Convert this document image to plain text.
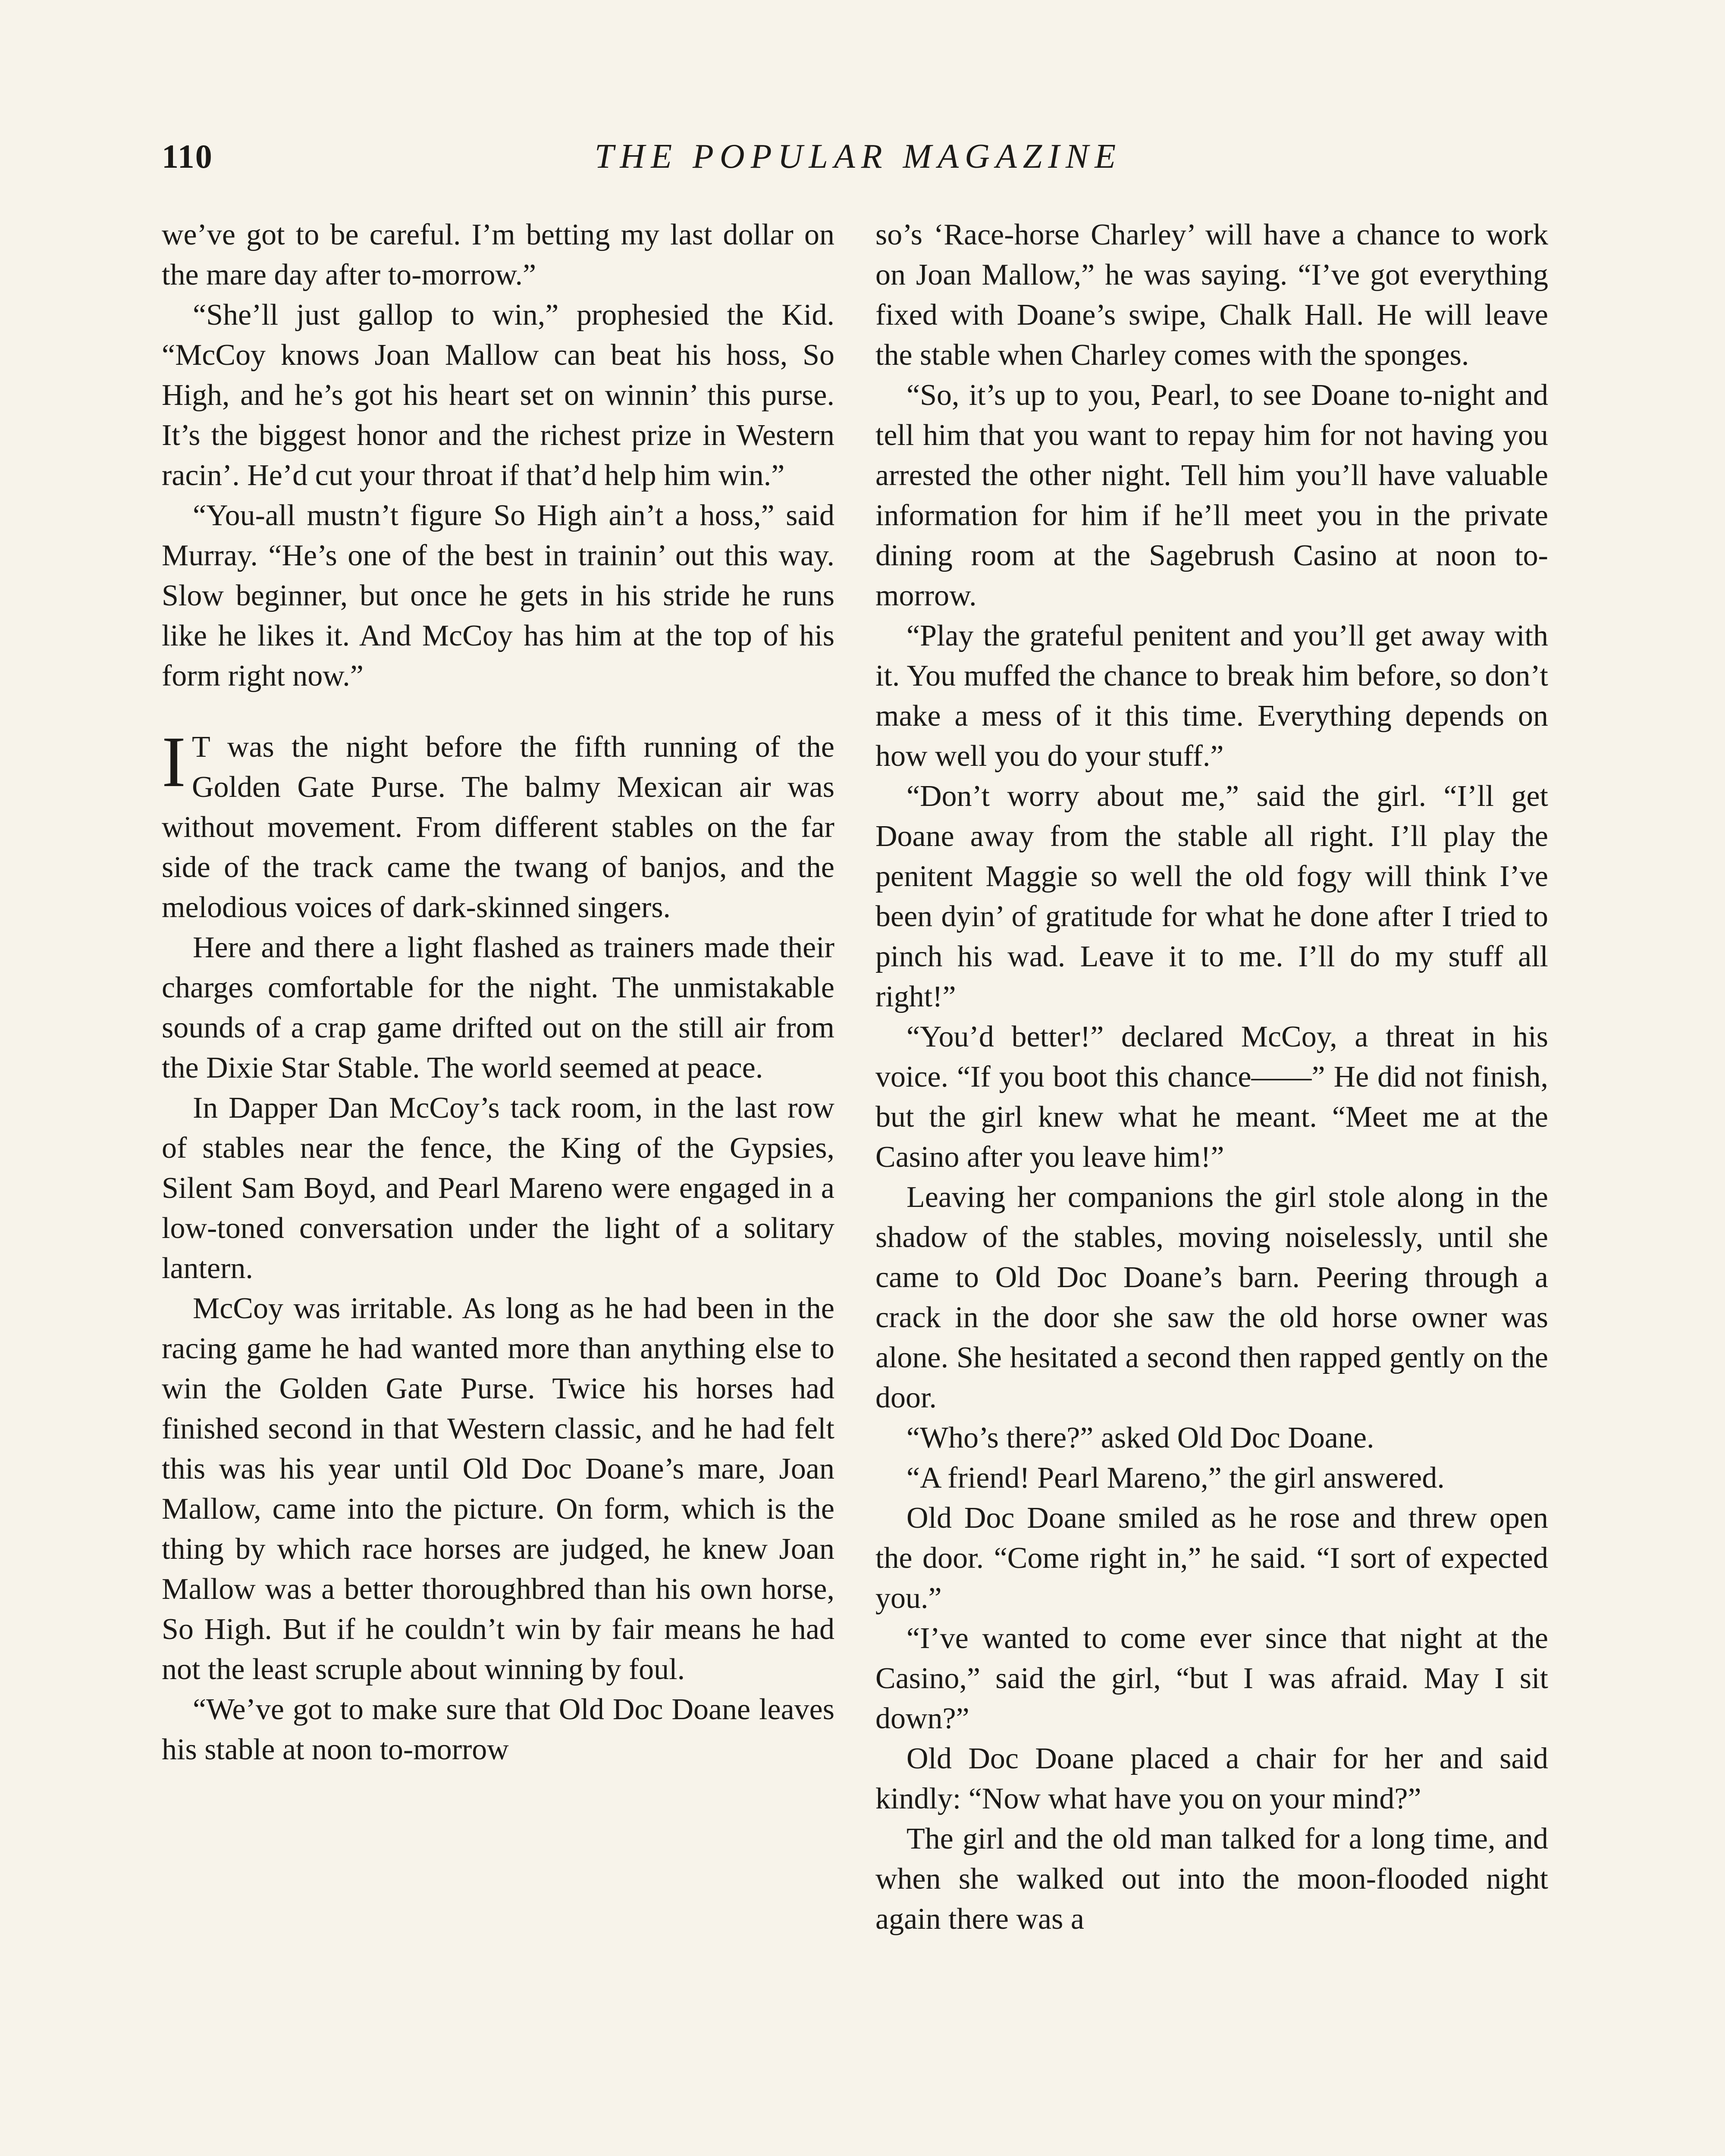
110	THE POPULAR MAGAZINE

we’ve got to be careful. I’m betting my last dollar on the mare day after to-morrow.”

“She’ll just gallop to win,” prophesied the Kid. “McCoy knows Joan Mallow can beat his hoss, So High, and he’s got his heart set on winnin’ this purse. It’s the biggest honor and the richest prize in Western racin’. He’d cut your throat if that’d help him win.”

“You-all mustn’t figure So High ain’t a hoss,” said Murray. “He’s one of the best in trainin’ out this way. Slow beginner, but once he gets in his stride he runs like he likes it. And McCoy has him at the top of his form right now.”

I T was the night before the fifth running of the Golden Gate Purse. The balmy Mexican air was without movement. From different stables on the far side of the track came the twang of banjos, and the melodious voices of dark-skinned singers.

Here and there a light flashed as trainers made their charges comfortable for the night. The unmistakable sounds of a crap game drifted out on the still air from the Dixie Star Stable. The world seemed at peace.

In Dapper Dan McCoy’s tack room, in the last row of stables near the fence, the King of the Gypsies, Silent Sam Boyd, and Pearl Mareno were engaged in a low-toned conversation under the light of a solitary lantern.

McCoy was irritable. As long as he had been in the racing game he had wanted more than anything else to win the Golden Gate Purse. Twice his horses had finished second in that Western classic, and he had felt this was his year until Old Doc Doane’s mare, Joan Mallow, came into the picture. On form, which is the thing by which race horses are judged, he knew Joan Mallow was a better thoroughbred than his own horse, So High. But if he couldn’t win by fair means he had not the least scruple about winning by foul.

“We’ve got to make sure that Old Doc Doane leaves his stable at noon to-morrow

so’s ‘Race-horse Charley’ will have a chance to work on Joan Mallow,” he was saying. “I’ve got everything fixed with Doane’s swipe, Chalk Hall. He will leave the stable when Charley comes with the sponges.

“So, it’s up to you, Pearl, to see Doane to-night and tell him that you want to repay him for not having you arrested the other night. Tell him you’ll have valuable information for him if he’ll meet you in the private dining room at the Sagebrush Casino at noon to-morrow.

“Play the grateful penitent and you’ll get away with it. You muffed the chance to break him before, so don’t make a mess of it this time. Everything depends on how well you do your stuff.”

“Don’t worry about me,” said the girl. “I’ll get Doane away from the stable all right. I’ll play the penitent Maggie so well the old fogy will think I’ve been dyin’ of gratitude for what he done after I tried to pinch his wad. Leave it to me. I’ll do my stuff all right!”

“You’d better!” declared McCoy, a threat in his voice. “If you boot this chance——” He did not finish, but the girl knew what he meant. “Meet me at the Casino after you leave him!”

Leaving her companions the girl stole along in the shadow of the stables, moving noiselessly, until she came to Old Doc Doane’s barn. Peering through a crack in the door she saw the old horse owner was alone. She hesitated a second then rapped gently on the door.

“Who’s there?” asked Old Doc Doane.

“A friend! Pearl Mareno,” the girl answered.

Old Doc Doane smiled as he rose and threw open the door. “Come right in,” he said. “I sort of expected you.”

“I’ve wanted to come ever since that night at the Casino,” said the girl, “but I was afraid. May I sit down?”

Old Doc Doane placed a chair for her and said kindly: “Now what have you on your mind?”

The girl and the old man talked for a long time, and when she walked out into the moon-flooded night again there was a
